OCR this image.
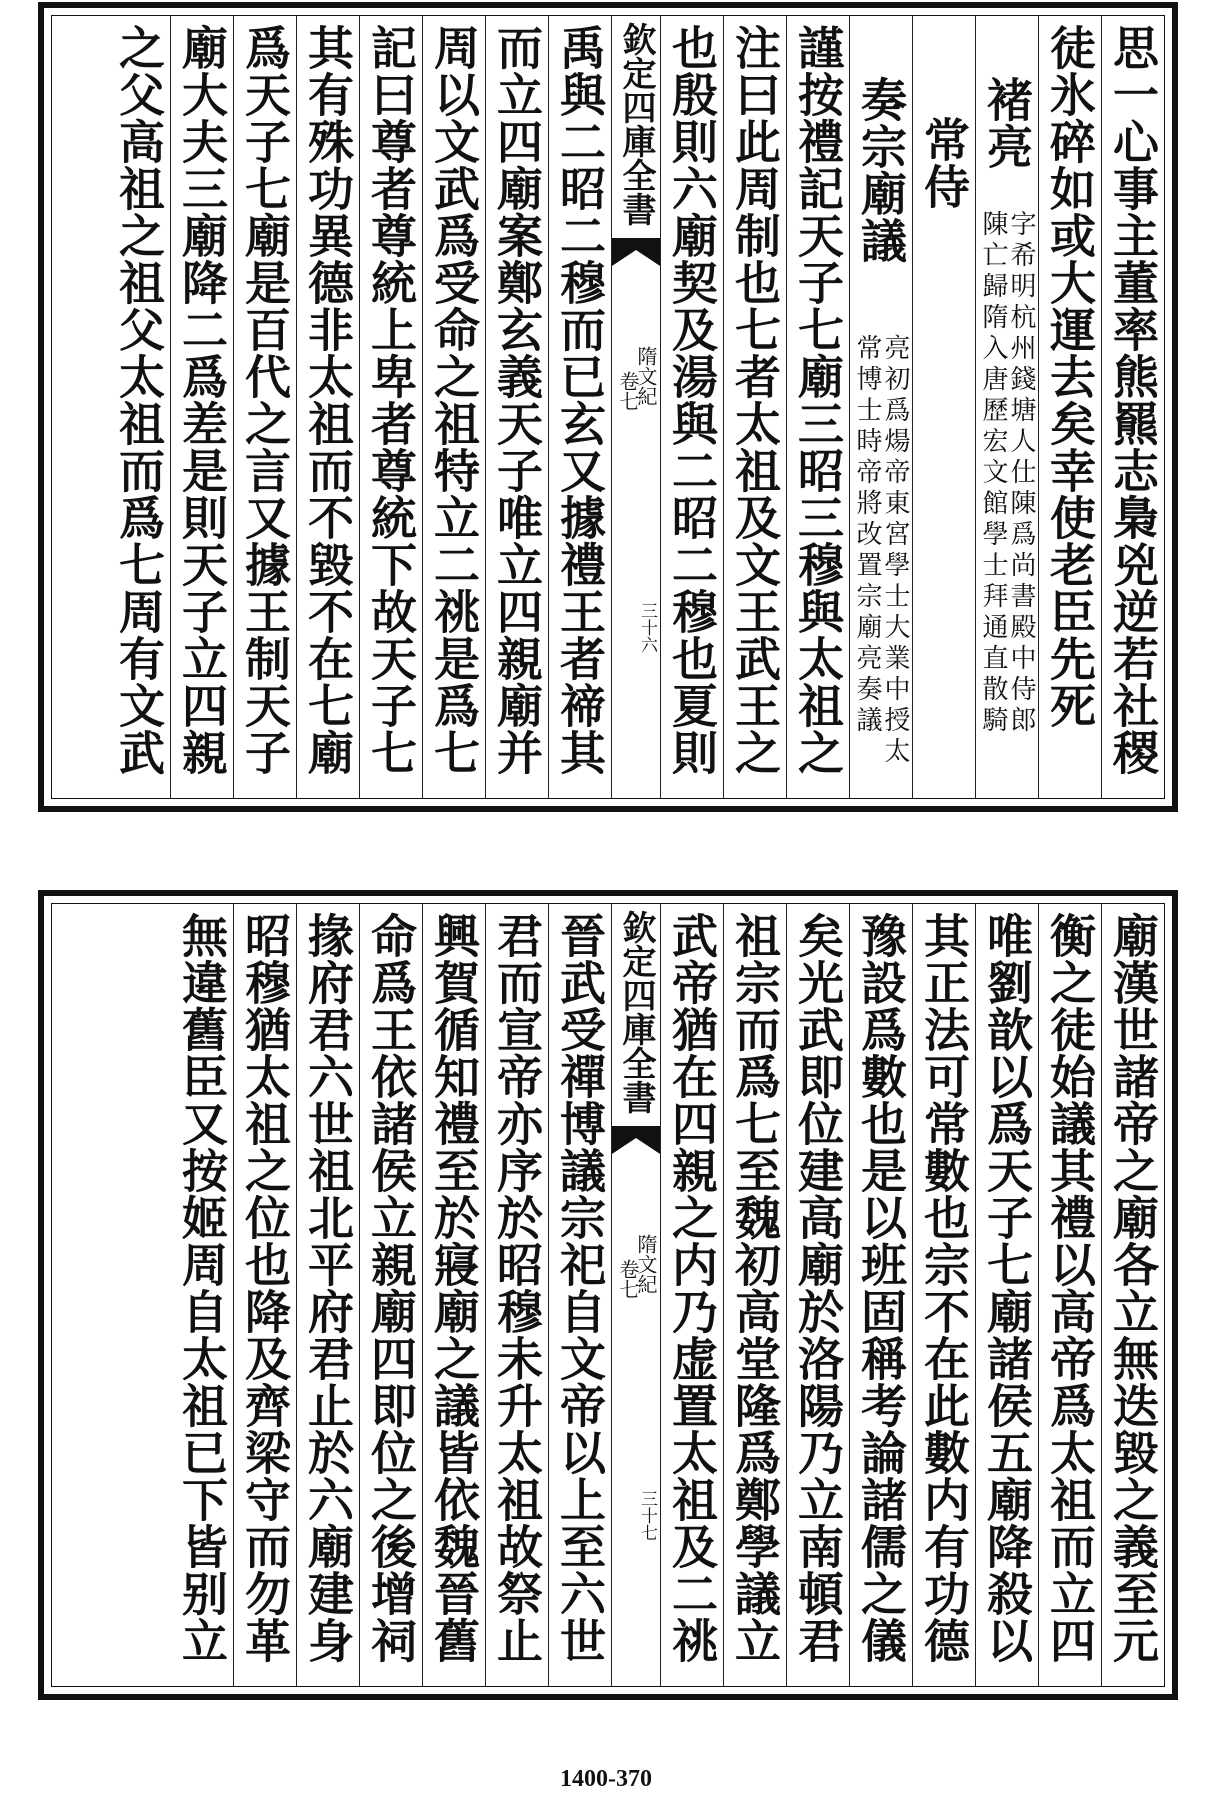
思一心事主董率熊羆志梟兇逆若社稷
徒氷碎如或大運去矣幸使老臣先死
褚亮
字希明杭州錢塘人仕陳爲尚書殿中侍郎
陳亡歸隋入唐歷宏文館學士拜通直散騎
常侍
奏宗廟議
亮初爲煬帝東宮學士大業中授太
常博士時帝將改置宗廟亮奏議
謹按禮記天子七廟三昭三穆與太祖之
注曰此周制也七者太祖及文王武王之
也殷則六廟契及湯與二昭二穆也夏則
欽定四庫全書
隋文紀
卷七
三十六
禹與二昭二穆而已玄又據禮王者禘其
而立四廟案鄭玄義天子唯立四親廟并
周以文武爲受命之祖特立二祧是爲七
記曰尊者尊統上卑者尊統下故天子七
其有殊功異德非太祖而不毀不在七廟
爲天子七廟是百代之言又據王制天子
廟大夫三廟降二爲差是則天子立四親
之父高祖之祖父太祖而爲七周有文武
廟漢世諸帝之廟各立無迭毀之義至元
衡之徒始議其禮以高帝爲太祖而立四
唯劉歆以爲天子七廟諸侯五廟降殺以
其正法可常數也宗不在此數内有功德
豫設爲數也是以班固稱考論諸儒之儀
矣光武即位建高廟於洛陽乃立南頓君
祖宗而爲七至魏初高堂隆爲鄭學議立
武帝猶在四親之内乃虚置太祖及二祧
欽定四庫全書
隋文紀
卷七
三十七
晉武受禪博議宗祀自文帝以上至六世
君而宣帝亦序於昭穆未升太祖故祭止
興賀循知禮至於寢廟之議皆依魏晉舊
命爲王依諸侯立親廟四即位之後增祠
掾府君六世祖北平府君止於六廟建身
昭穆猶太祖之位也降及齊梁守而勿革
無違舊臣又按姬周自太祖已下皆别立
1400-370
